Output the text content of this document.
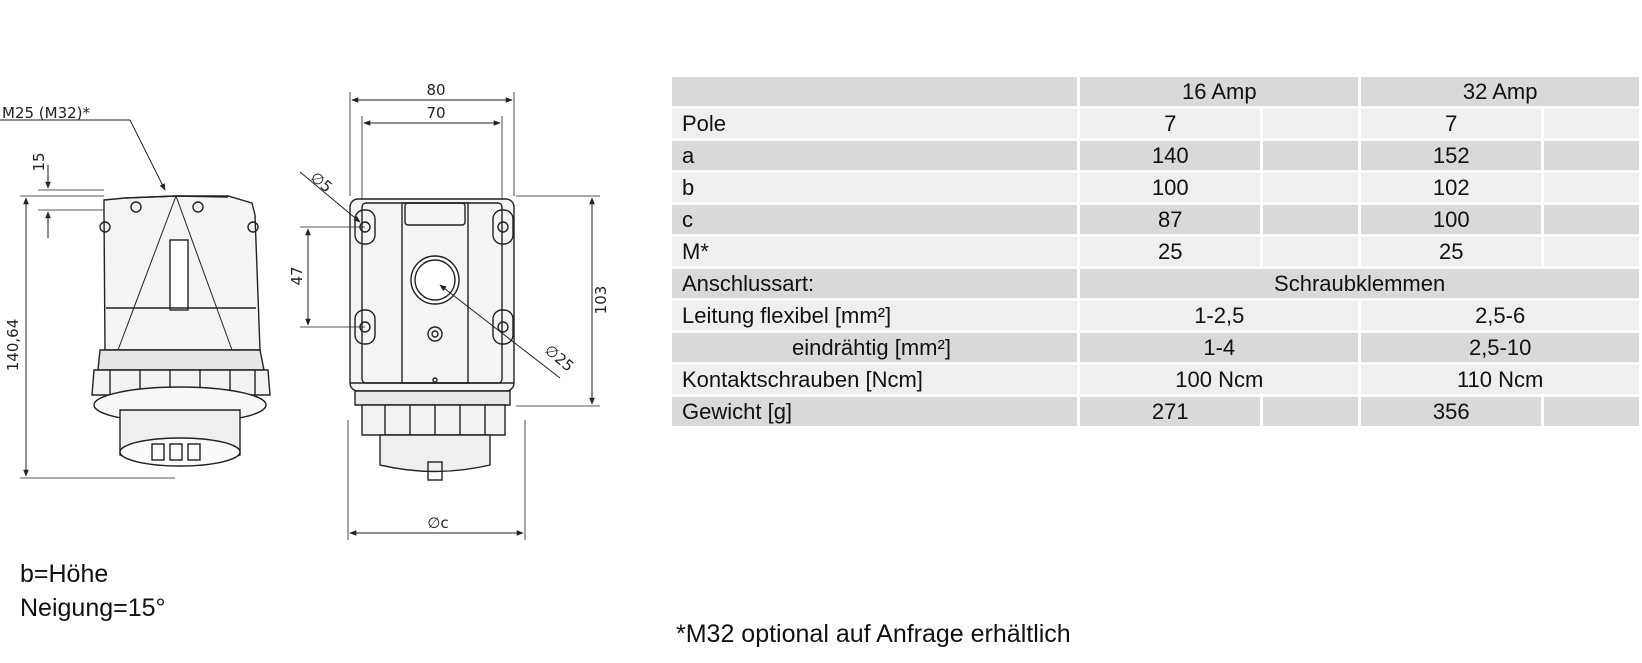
M25 (M32)*
15
140,64
80
70
∅5
47
103
∅25
∅c
	16 Amp		32 Amp	
Pole	7		7	
a	140		152	
b	100		102	
c	87		100	
M*	25		25	
Anschlussart:	Schraubklemmen			
Leitung flexibel [mm²]	1-2,5		2,5-6	
eindrähtig [mm²]	1-4		2,5-10	
Kontaktschrauben [Ncm]	100 Ncm		110 Ncm	
Gewicht [g]	271		356	
b=Höhe
Neigung=15°
*M32 optional auf Anfrage erhältlich
